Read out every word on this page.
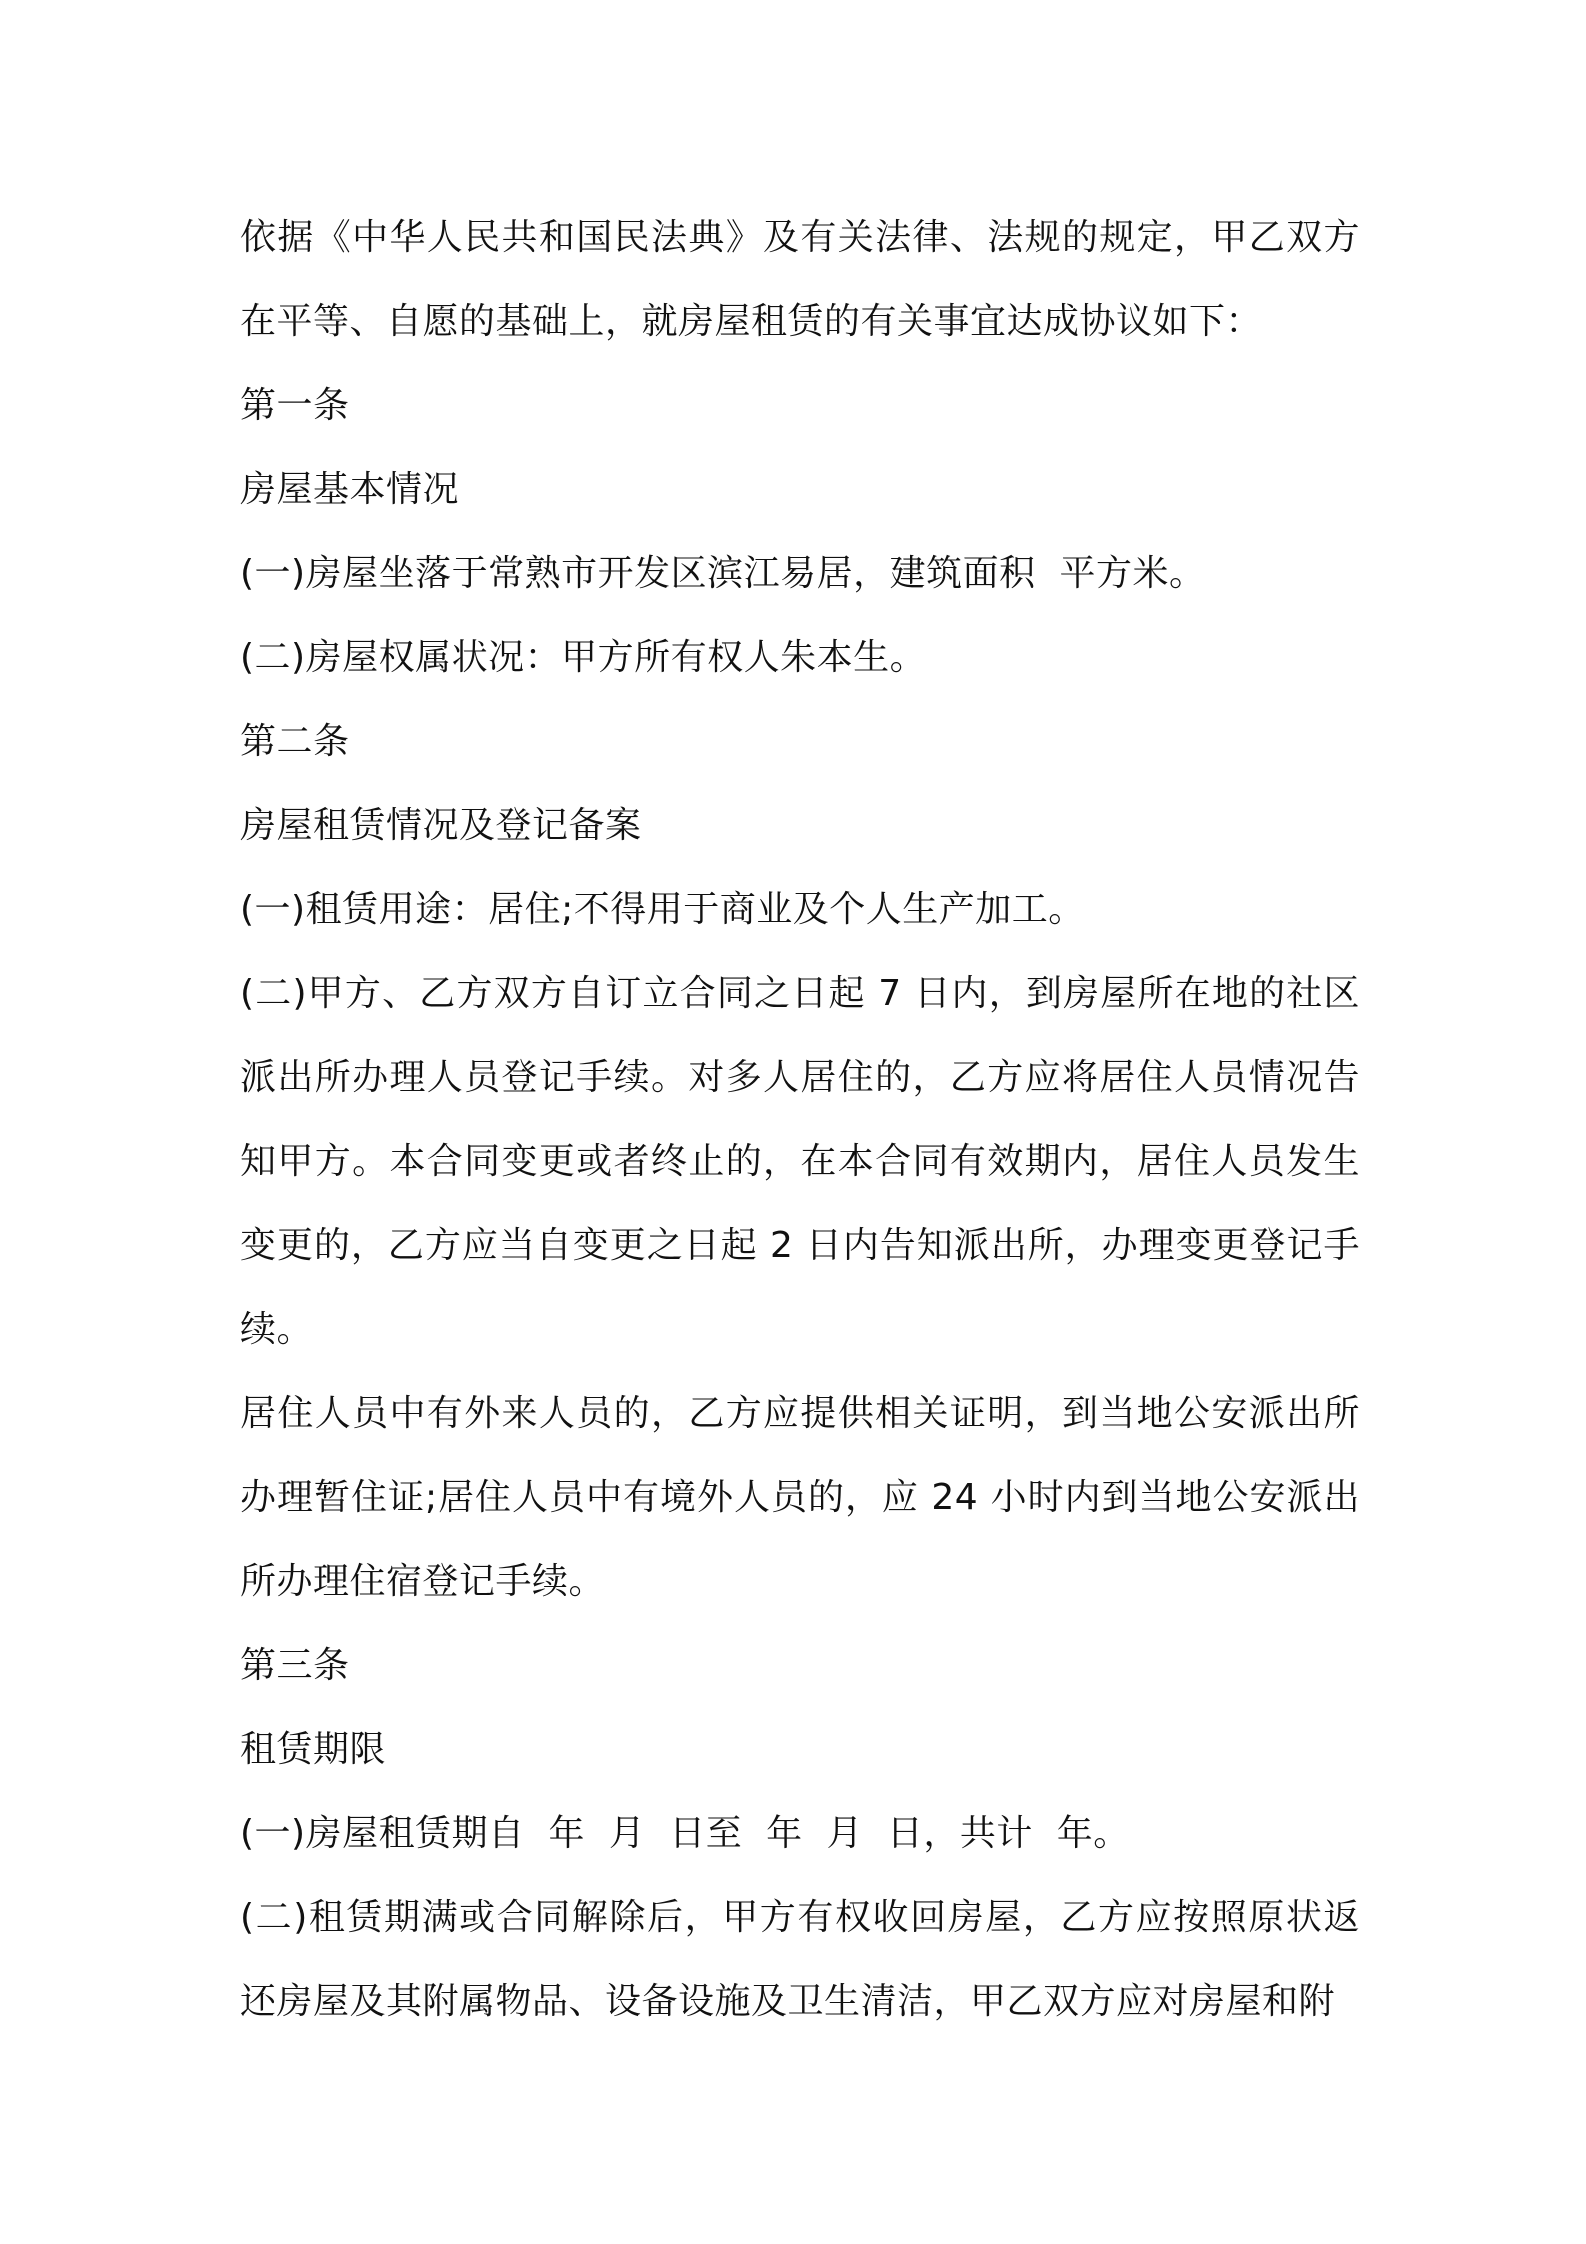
依据《中华人民共和国民法典》及有关法律、法规的规定，甲乙双方在平等、自愿的基础上，就房屋租赁的有关事宜达成协议如下：

第一条

房屋基本情况

(一)房屋坐落于常熟市开发区滨江易居，建筑面积  平方米。

(二)房屋权属状况：甲方所有权人朱本生。

第二条

房屋租赁情况及登记备案

(一)租赁用途：居住;不得用于商业及个人生产加工。

(二)甲方、乙方双方自订立合同之日起 7 日内，到房屋所在地的社区派出所办理人员登记手续。对多人居住的，乙方应将居住人员情况告知甲方。本合同变更或者终止的，在本合同有效期内，居住人员发生变更的，乙方应当自变更之日起 2 日内告知派出所，办理变更登记手续。

居住人员中有外来人员的，乙方应提供相关证明，到当地公安派出所办理暂住证;居住人员中有境外人员的，应 24 小时内到当地公安派出所办理住宿登记手续。

第三条

租赁期限

(一)房屋租赁期自  年  月  日至  年  月  日，共计  年。

(二)租赁期满或合同解除后，甲方有权收回房屋，乙方应按照原状返还房屋及其附属物品、设备设施及卫生清洁，甲乙双方应对房屋和附
